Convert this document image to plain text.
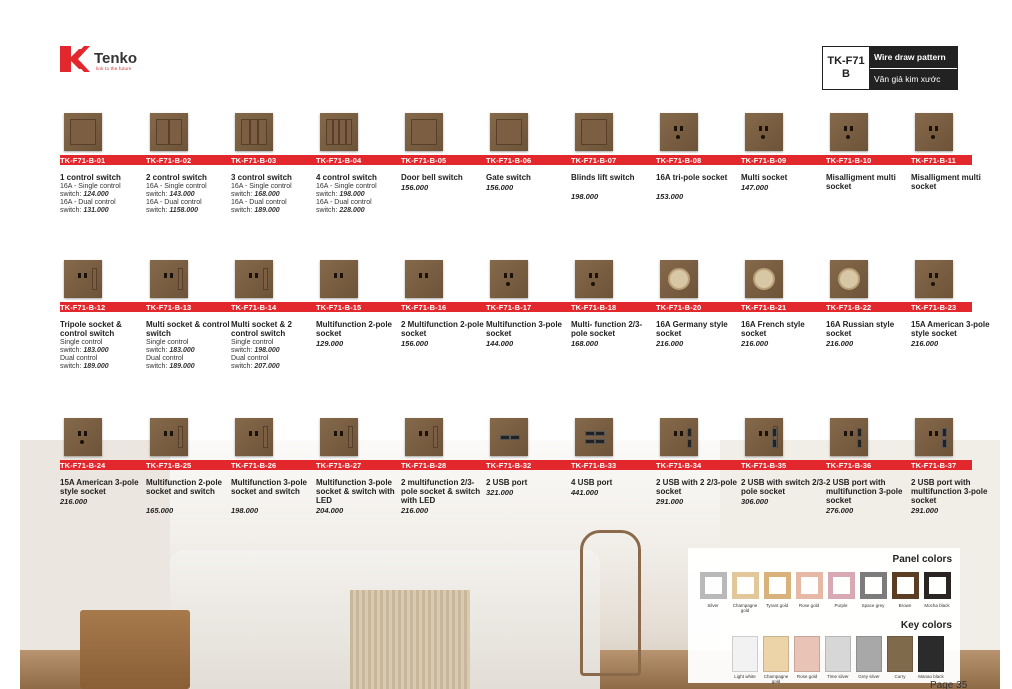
Tenko
link to the future
TK-F71
B
Wire draw pattern
Vân giả kim xước
TK-F71-B-01
1 control switch
16A - Single control
switch: 124.000
16A - Dual control
switch: 131.000
TK-F71-B-02
2 control switch
16A - Single control
switch: 143.000
16A - Dual control
switch: 1158.000
TK-F71-B-03
3 control switch
16A - Single control
switch: 168.000
16A - Dual control
switch: 189.000
TK-F71-B-04
4 control switch
16A - Single control
switch: 198.000
16A - Dual control
switch: 228.000
TK-F71-B-05
Door bell switch
156.000
TK-F71-B-06
Gate switch
156.000
TK-F71-B-07
Blinds lift switch
198.000
TK-F71-B-08
16A tri-pole socket
153.000
TK-F71-B-09
Multi socket
147.000
TK-F71-B-10
Misalligment multi socket
TK-F71-B-11
Misalligment multi socket
TK-F71-B-12
Tripole socket & control switch
Single control
switch: 183.000
Dual control
switch: 189.000
TK-F71-B-13
Multi socket & control switch
Single control
switch: 183.000
Dual control
switch: 189.000
TK-F71-B-14
Multi socket & 2 control switch
Single control
switch: 198.000
Dual control
switch: 207.000
TK-F71-B-15
Multifunction 2-pole socket
129.000
TK-F71-B-16
2 Multifunction 2-pole socket
156.000
TK-F71-B-17
Multifunction 3-pole socket
144.000
TK-F71-B-18
Multi- function 2/3-pole socket
168.000
TK-F71-B-20
16A Germany style socket
216.000
TK-F71-B-21
16A French style socket
216.000
TK-F71-B-22
16A Russian style socket
216.000
TK-F71-B-23
15A American 3-pole style socket
216.000
TK-F71-B-24
15A American 3-pole style socket
216.000
TK-F71-B-25
Multifunction 2-pole socket and switch
165.000
TK-F71-B-26
Multifunction 3-pole socket and switch
198.000
TK-F71-B-27
Multifunction 3-pole socket & switch with LED
204.000
TK-F71-B-28
2 multifunction 2/3-pole socket & switch with LED
216.000
TK-F71-B-32
2 USB port
321.000
TK-F71-B-33
4 USB port
441.000
TK-F71-B-34
2 USB with 2 2/3-pole socket
291.000
TK-F71-B-35
2 USB with switch 2/3-pole socket
306.000
TK-F71-B-36
2 USB port with multifunction 3-pole socket
276.000
TK-F71-B-37
2 USB port with multifunction 3-pole socket
291.000
Panel colors
Silver	Champagne gold
Tyrant gold	Rose gold	Purple	Space grey	Brown	Mocha black
Key colors
Light white	Champagne gold
Rose gold	Time silver	Grey silver	Curry	Manao black
Page 35
